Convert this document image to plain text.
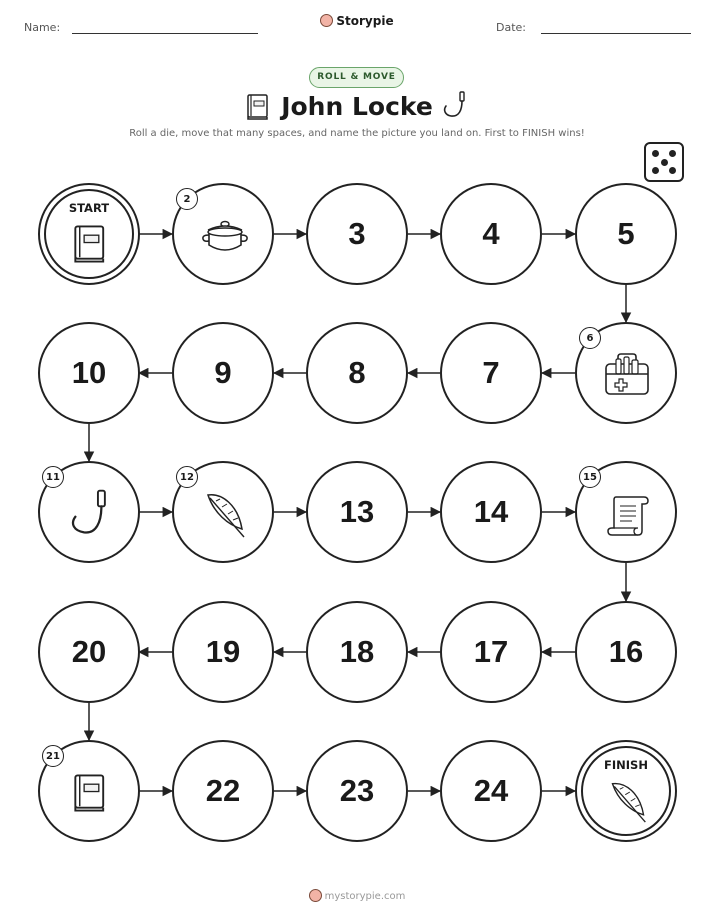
Name:	Storypie	Date:
ROLL & MOVE
John Locke
Roll a die, move that many spaces, and name the picture you land on. First to FINISH wins!
START
2
3	4	5
6
7
8
9
10
11	12
13	14
15
16
17
18
19
20
21
22	23	24
FINISH
mystorypie.com
